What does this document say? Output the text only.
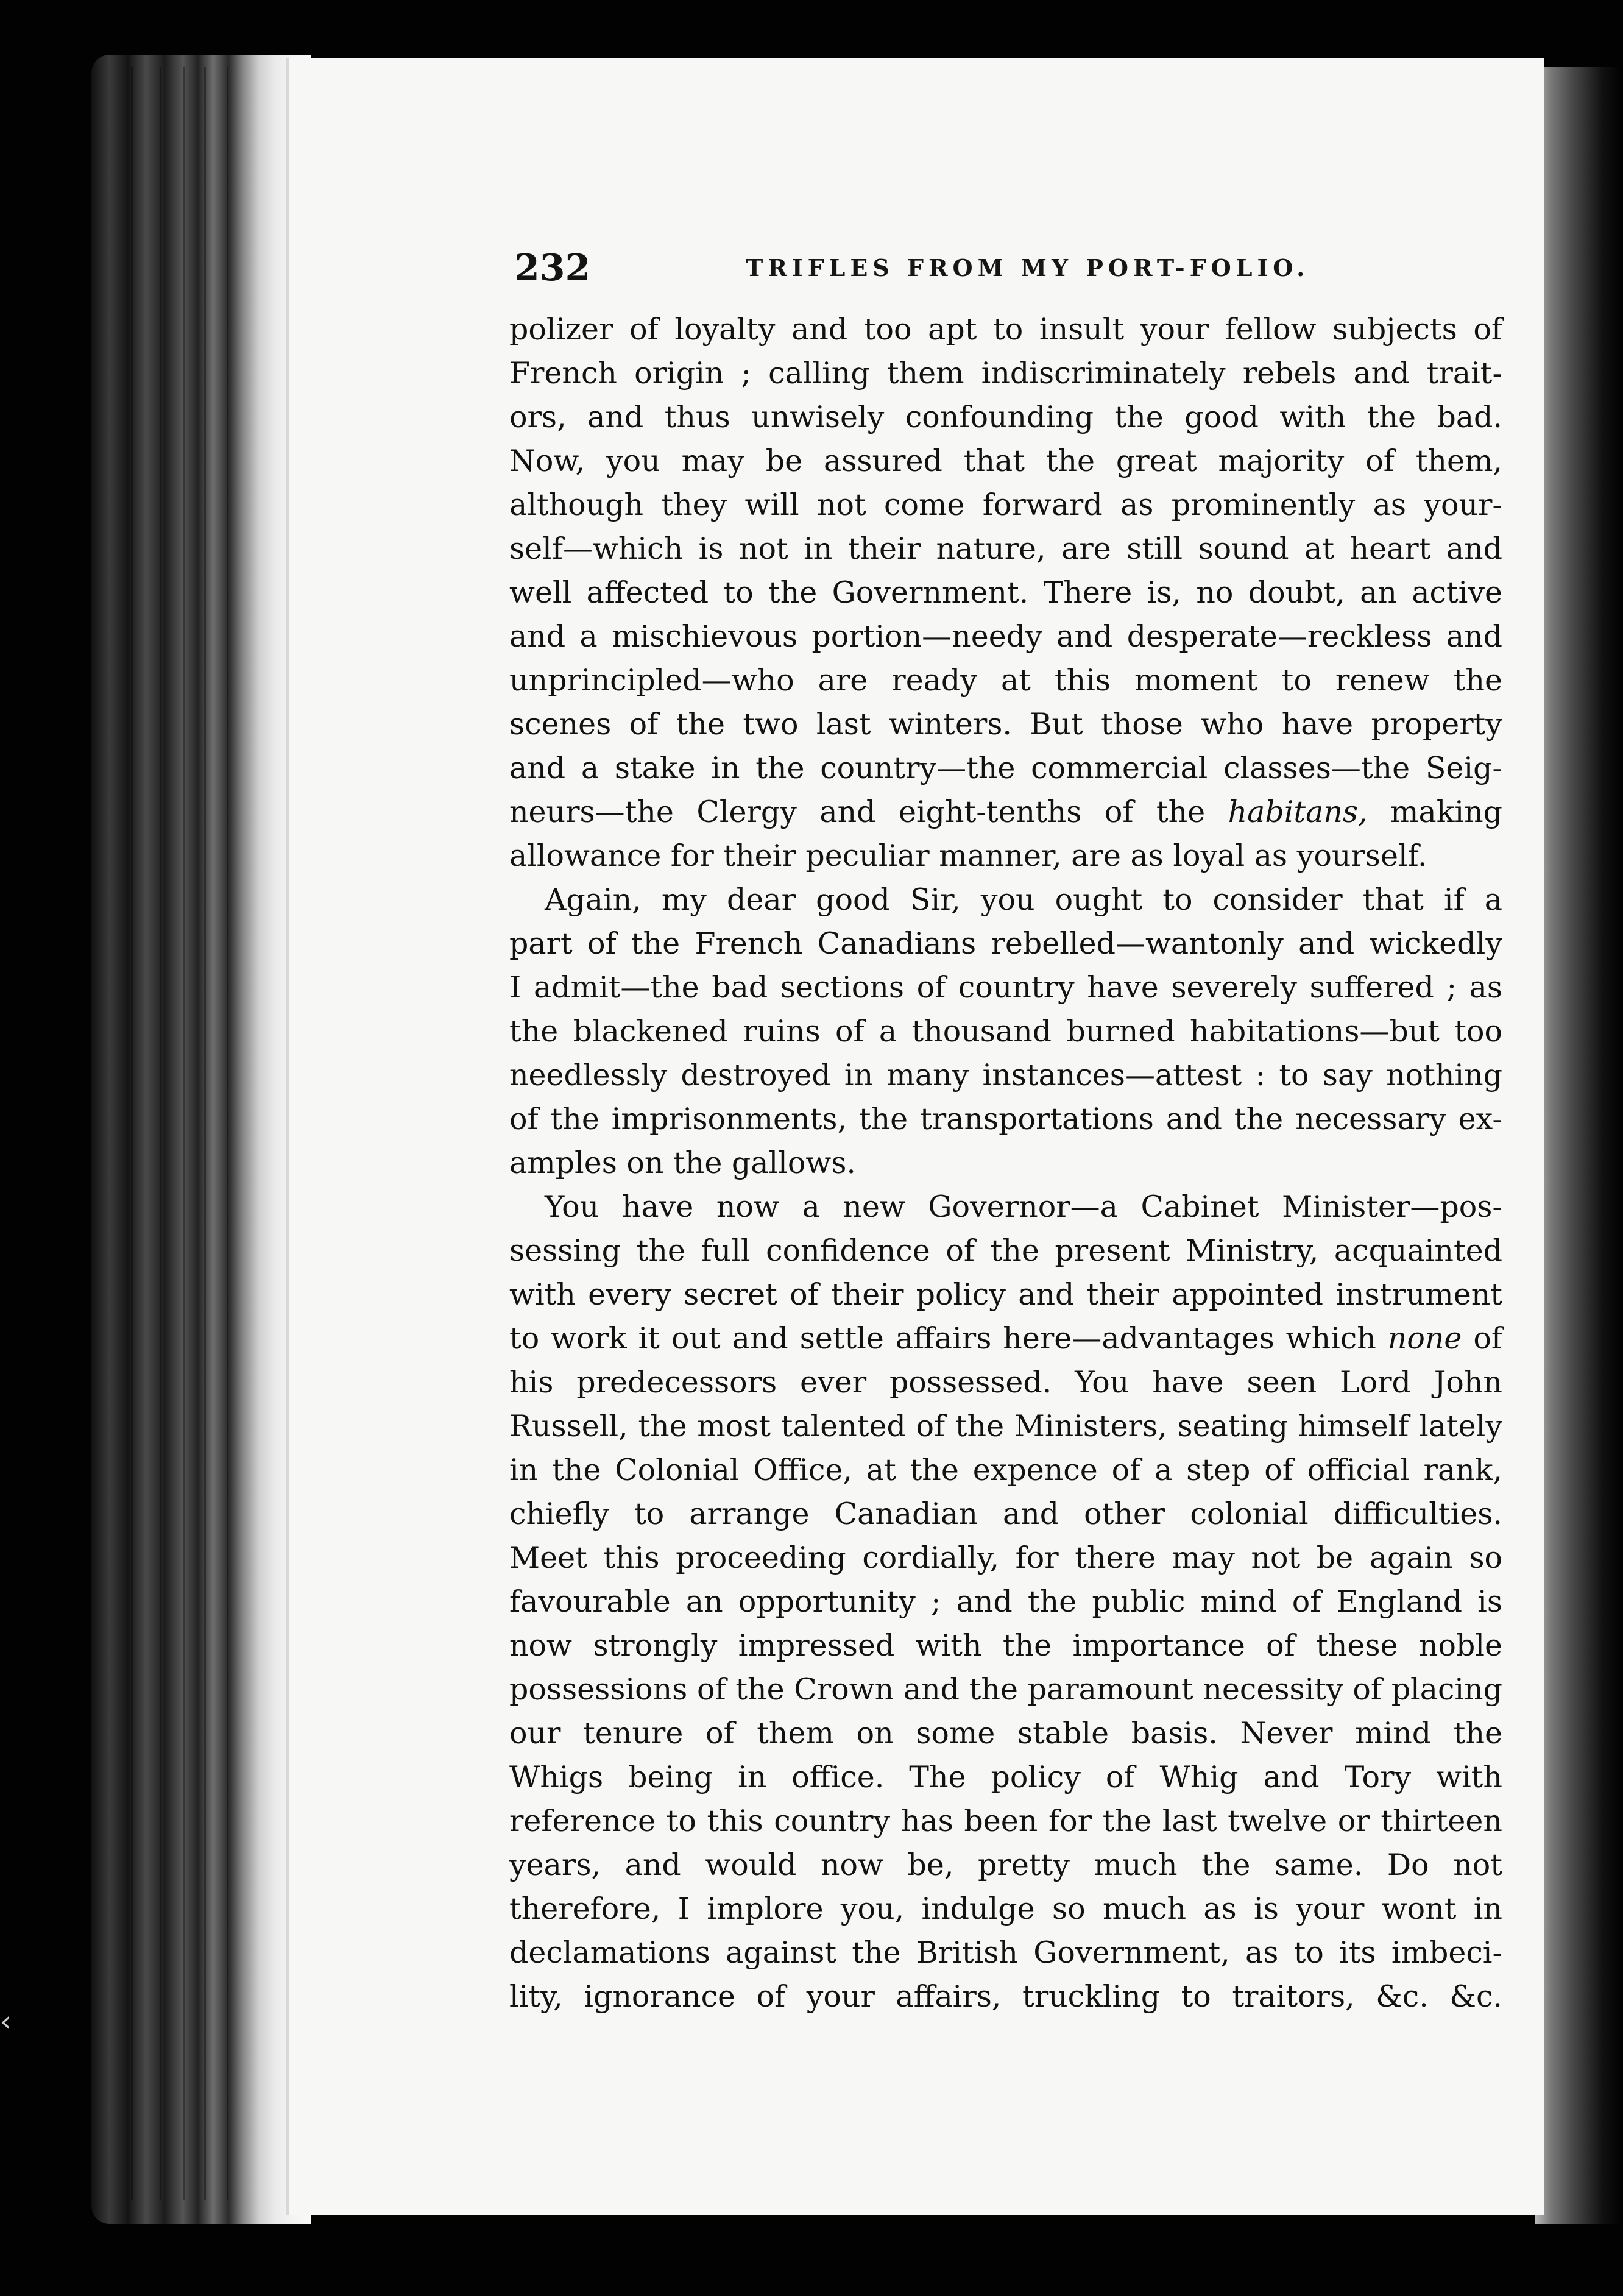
‹
232	TRIFLES FROM MY PORT-FOLIO.
polizer of loyalty and too apt to insult your fellow subjects of
French origin ; calling them indiscriminately rebels and trait-
ors, and thus unwisely confounding the good with the bad.
Now, you may be assured that the great majority of them,
although they will not come forward as prominently as your-
self—which is not in their nature, are still sound at heart and
well affected to the Government. There is, no doubt, an active
and a mischievous portion—needy and desperate—reckless and
unprincipled—who are ready at this moment to renew the
scenes of the two last winters. But those who have property
and a stake in the country—the commercial classes—the Seig-
neurs—the Clergy and eight-tenths of the habitans, making
allowance for their peculiar manner, are as loyal as yourself.
Again, my dear good Sir, you ought to consider that if a
part of the French Canadians rebelled—wantonly and wickedly
I admit—the bad sections of country have severely suffered ; as
the blackened ruins of a thousand burned habitations—but too
needlessly destroyed in many instances—attest : to say nothing
of the imprisonments, the transportations and the necessary ex-
amples on the gallows.
You have now a new Governor—a Cabinet Minister—pos-
sessing the full confidence of the present Ministry, acquainted
with every secret of their policy and their appointed instrument
to work it out and settle affairs here—advantages which none of
his predecessors ever possessed. You have seen Lord John
Russell, the most talented of the Ministers, seating himself lately
in the Colonial Office, at the expence of a step of official rank,
chiefly to arrange Canadian and other colonial difficulties.
Meet this proceeding cordially, for there may not be again so
favourable an opportunity ; and the public mind of England is
now strongly impressed with the importance of these noble
possessions of the Crown and the paramount necessity of placing
our tenure of them on some stable basis. Never mind the
Whigs being in office. The policy of Whig and Tory with
reference to this country has been for the last twelve or thirteen
years, and would now be, pretty much the same. Do not
therefore, I implore you, indulge so much as is your wont in
declamations against the British Government, as to its imbeci-
lity, ignorance of your affairs, truckling to traitors, &c. &c.
